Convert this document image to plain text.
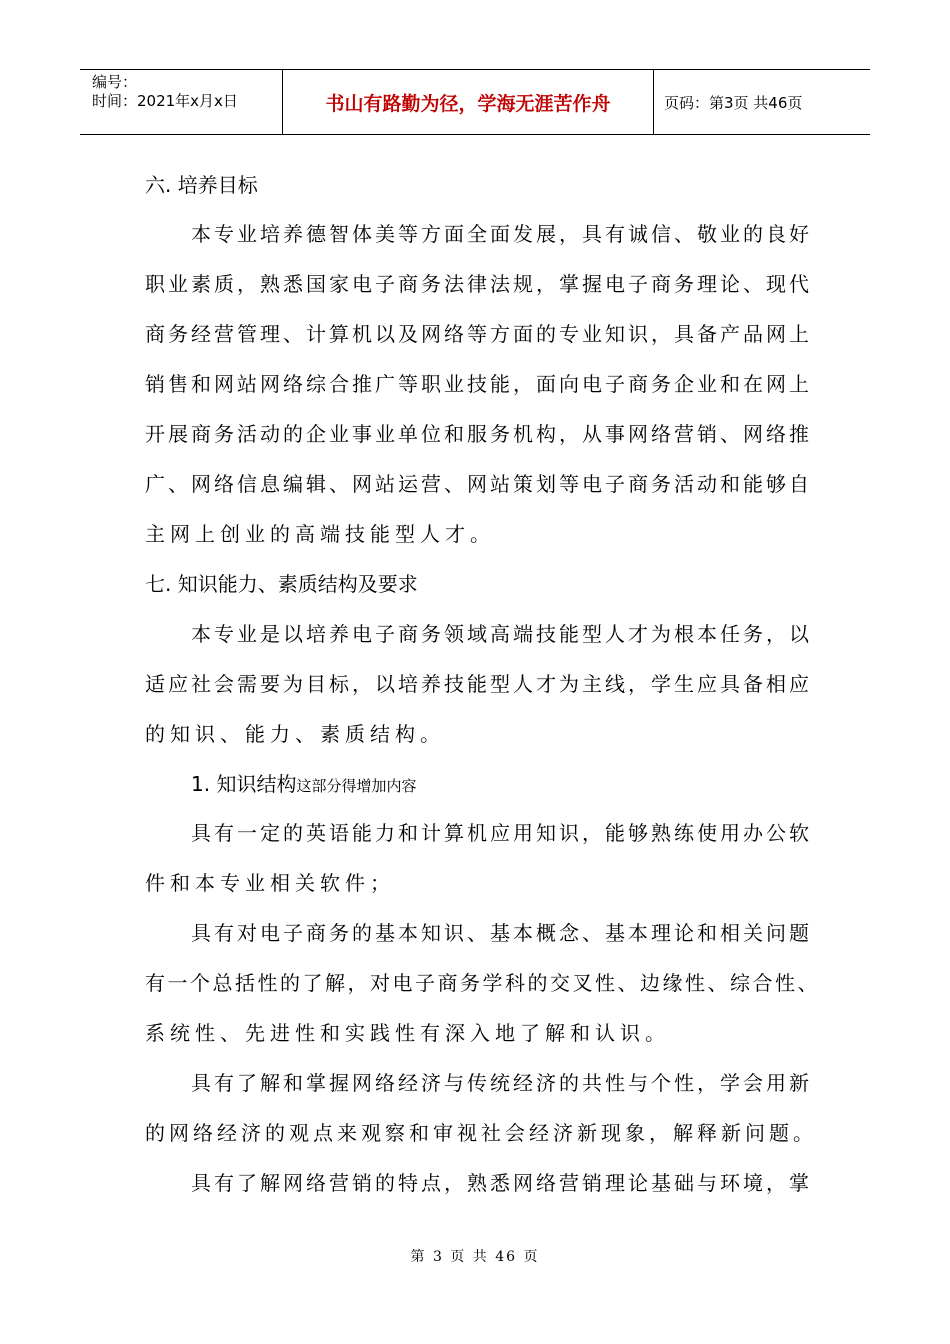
编号：
时间：2021年x月x日	书山有路勤为径，学海无涯苦作舟	页码：第3页 共46页
六. 培养目标
本专业培养德智体美等方面全面发展，具有诚信、敬业的良好
职业素质，熟悉国家电子商务法律法规，掌握电子商务理论、现代
商务经营管理、计算机以及网络等方面的专业知识，具备产品网上
销售和网站网络综合推广等职业技能，面向电子商务企业和在网上
开展商务活动的企业事业单位和服务机构，从事网络营销、网络推
广、网络信息编辑、网站运营、网站策划等电子商务活动和能够自
主网上创业的高端技能型人才。
七. 知识能力、素质结构及要求
本专业是以培养电子商务领域高端技能型人才为根本任务，以
适应社会需要为目标，以培养技能型人才为主线，学生应具备相应
的知识、能力、素质结构。
1. 知识结构这部分得增加内容
具有一定的英语能力和计算机应用知识，能够熟练使用办公软
件和本专业相关软件；
具有对电子商务的基本知识、基本概念、基本理论和相关问题
有一个总括性的了解，对电子商务学科的交叉性、边缘性、综合性、
系统性、先进性和实践性有深入地了解和认识。
具有了解和掌握网络经济与传统经济的共性与个性，学会用新
的网络经济的观点来观察和审视社会经济新现象，解释新问题。
具有了解网络营销的特点，熟悉网络营销理论基础与环境，掌
第 3 页 共 46 页
